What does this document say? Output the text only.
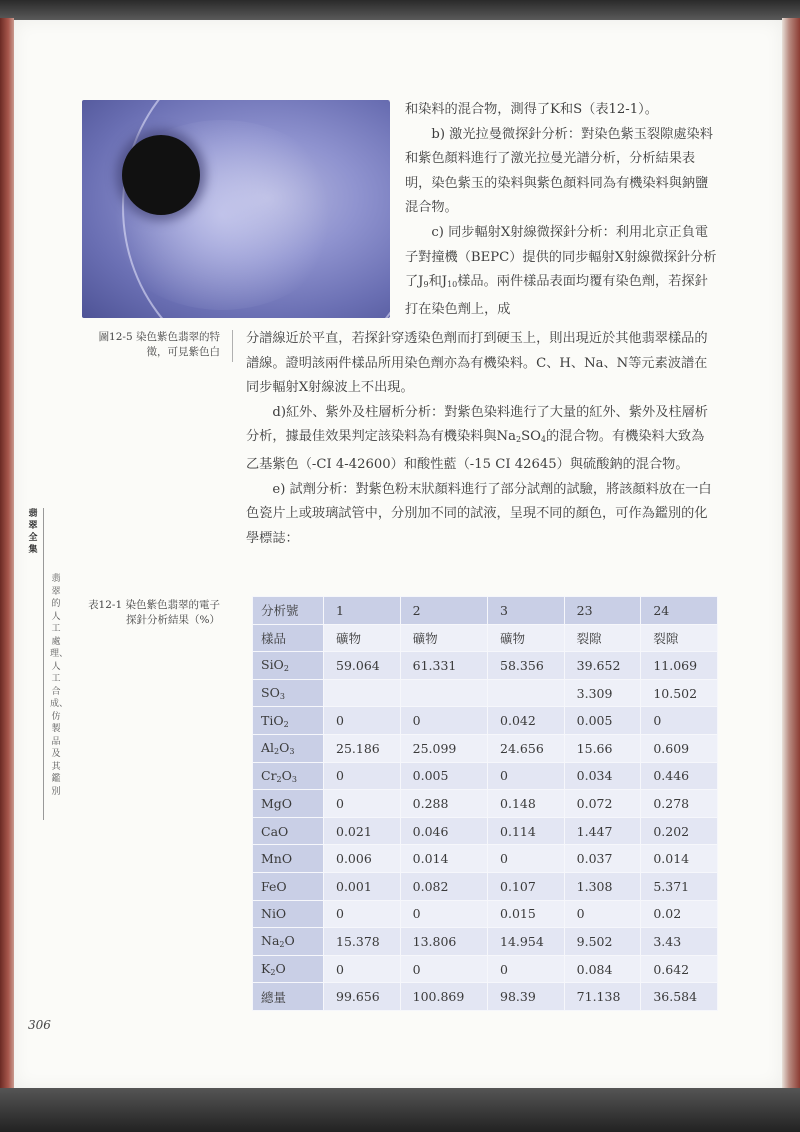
圖12-5 染色紫色翡翠的特徵，可見紫色白

和染料的混合物，測得了K和S（表12-1）。

b) 激光拉曼微探針分析：對染色紫玉裂隙處染料和紫色顏料進行了激光拉曼光譜分析，分析結果表明，染色紫玉的染料與紫色顏料同為有機染料與鈉鹽混合物。

c) 同步輻射X射線微探針分析：利用北京正負電子對撞機（BEPC）提供的同步輻射X射線微探針分析了$J_9$和$J_{10}$樣品。兩件樣品表面均覆有染色劑，若探針打在染色劑上，成

分譜線近於平直，若探針穿透染色劑而打到硬玉上，則出現近於其他翡翠樣品的譜線。證明該兩件樣品所用染色劑亦為有機染料。C、H、Na、N等元素波譜在同步輻射X射線波上不出現。

d)紅外、紫外及柱層析分析：對紫色染料進行了大量的紅外、紫外及柱層析分析，據最佳效果判定該染料為有機染料與$Na_2SO_4$的混合物。有機染料大致為乙基紫色（-CI 4-42600）和酸性藍（-15 CI 42645）與硫酸鈉的混合物。

e) 試劑分析：對紫色粉末狀顏料進行了部分試劑的試驗，將該顏料放在一白色瓷片上或玻璃試管中，分別加不同的試液，呈現不同的顏色，可作為鑑別的化學標誌：

翡翠全集
翡翠的人工處理、人工合成、仿製品及其鑑別
表12-1 染色紫色翡翠的電子探針分析結果（%）
分析號	1	2	3	23	24
樣品	礦物	礦物	礦物	裂隙	裂隙
SiO$_2$	59.064	61.331	58.356	39.652	11.069
$SO_3$				3.309	10.502
TiO$_2$	0	0	0.042	0.005	0
$Al_2O_3$	25.186	25.099	24.656	15.66	0.609
$Cr_2O_3$	0	0.005	0	0.034	0.446
MgO	0	0.288	0.148	0.072	0.278
CaO	0.021	0.046	0.114	1.447	0.202
MnO	0.006	0.014	0	0.037	0.014
FeO	0.001	0.082	0.107	1.308	5.371
NiO	0	0	0.015	0	0.02
$Na_2O$	15.378	13.806	14.954	9.502	3.43
$K_2O$	0	0	0	0.084	0.642
總量	99.656	100.869	98.39	71.138	36.584
306
